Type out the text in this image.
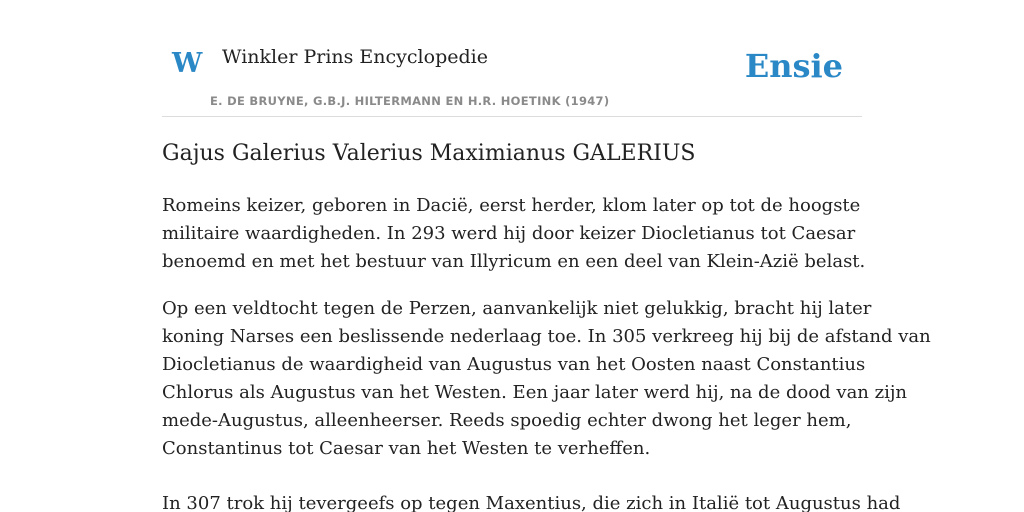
W Winkler Prins Encyclopedie
E. DE BRUYNE, G.B.J. HILTERMANN EN H.R. HOETINK (1947)
Ensie
Gajus Galerius Valerius Maximianus GALERIUS

Romeins keizer, geboren in Dacië, eerst herder, klom later op tot de hoogste
militaire waardigheden. In 293 werd hij door keizer Diocletianus tot Caesar
benoemd en met het bestuur van Illyricum en een deel van Klein-Azië belast.

Op een veldtocht tegen de Perzen, aanvankelijk niet gelukkig, bracht hij later
koning Narses een beslissende nederlaag toe. In 305 verkreeg hij bij de afstand van
Diocletianus de waardigheid van Augustus van het Oosten naast Constantius
Chlorus als Augustus van het Westen. Een jaar later werd hij, na de dood van zijn
mede-Augustus, alleenheerser. Reeds spoedig echter dwong het leger hem,
Constantinus tot Caesar van het Westen te verheffen.

In 307 trok hij tevergeefs op tegen Maxentius, die zich in Italië tot Augustus had
